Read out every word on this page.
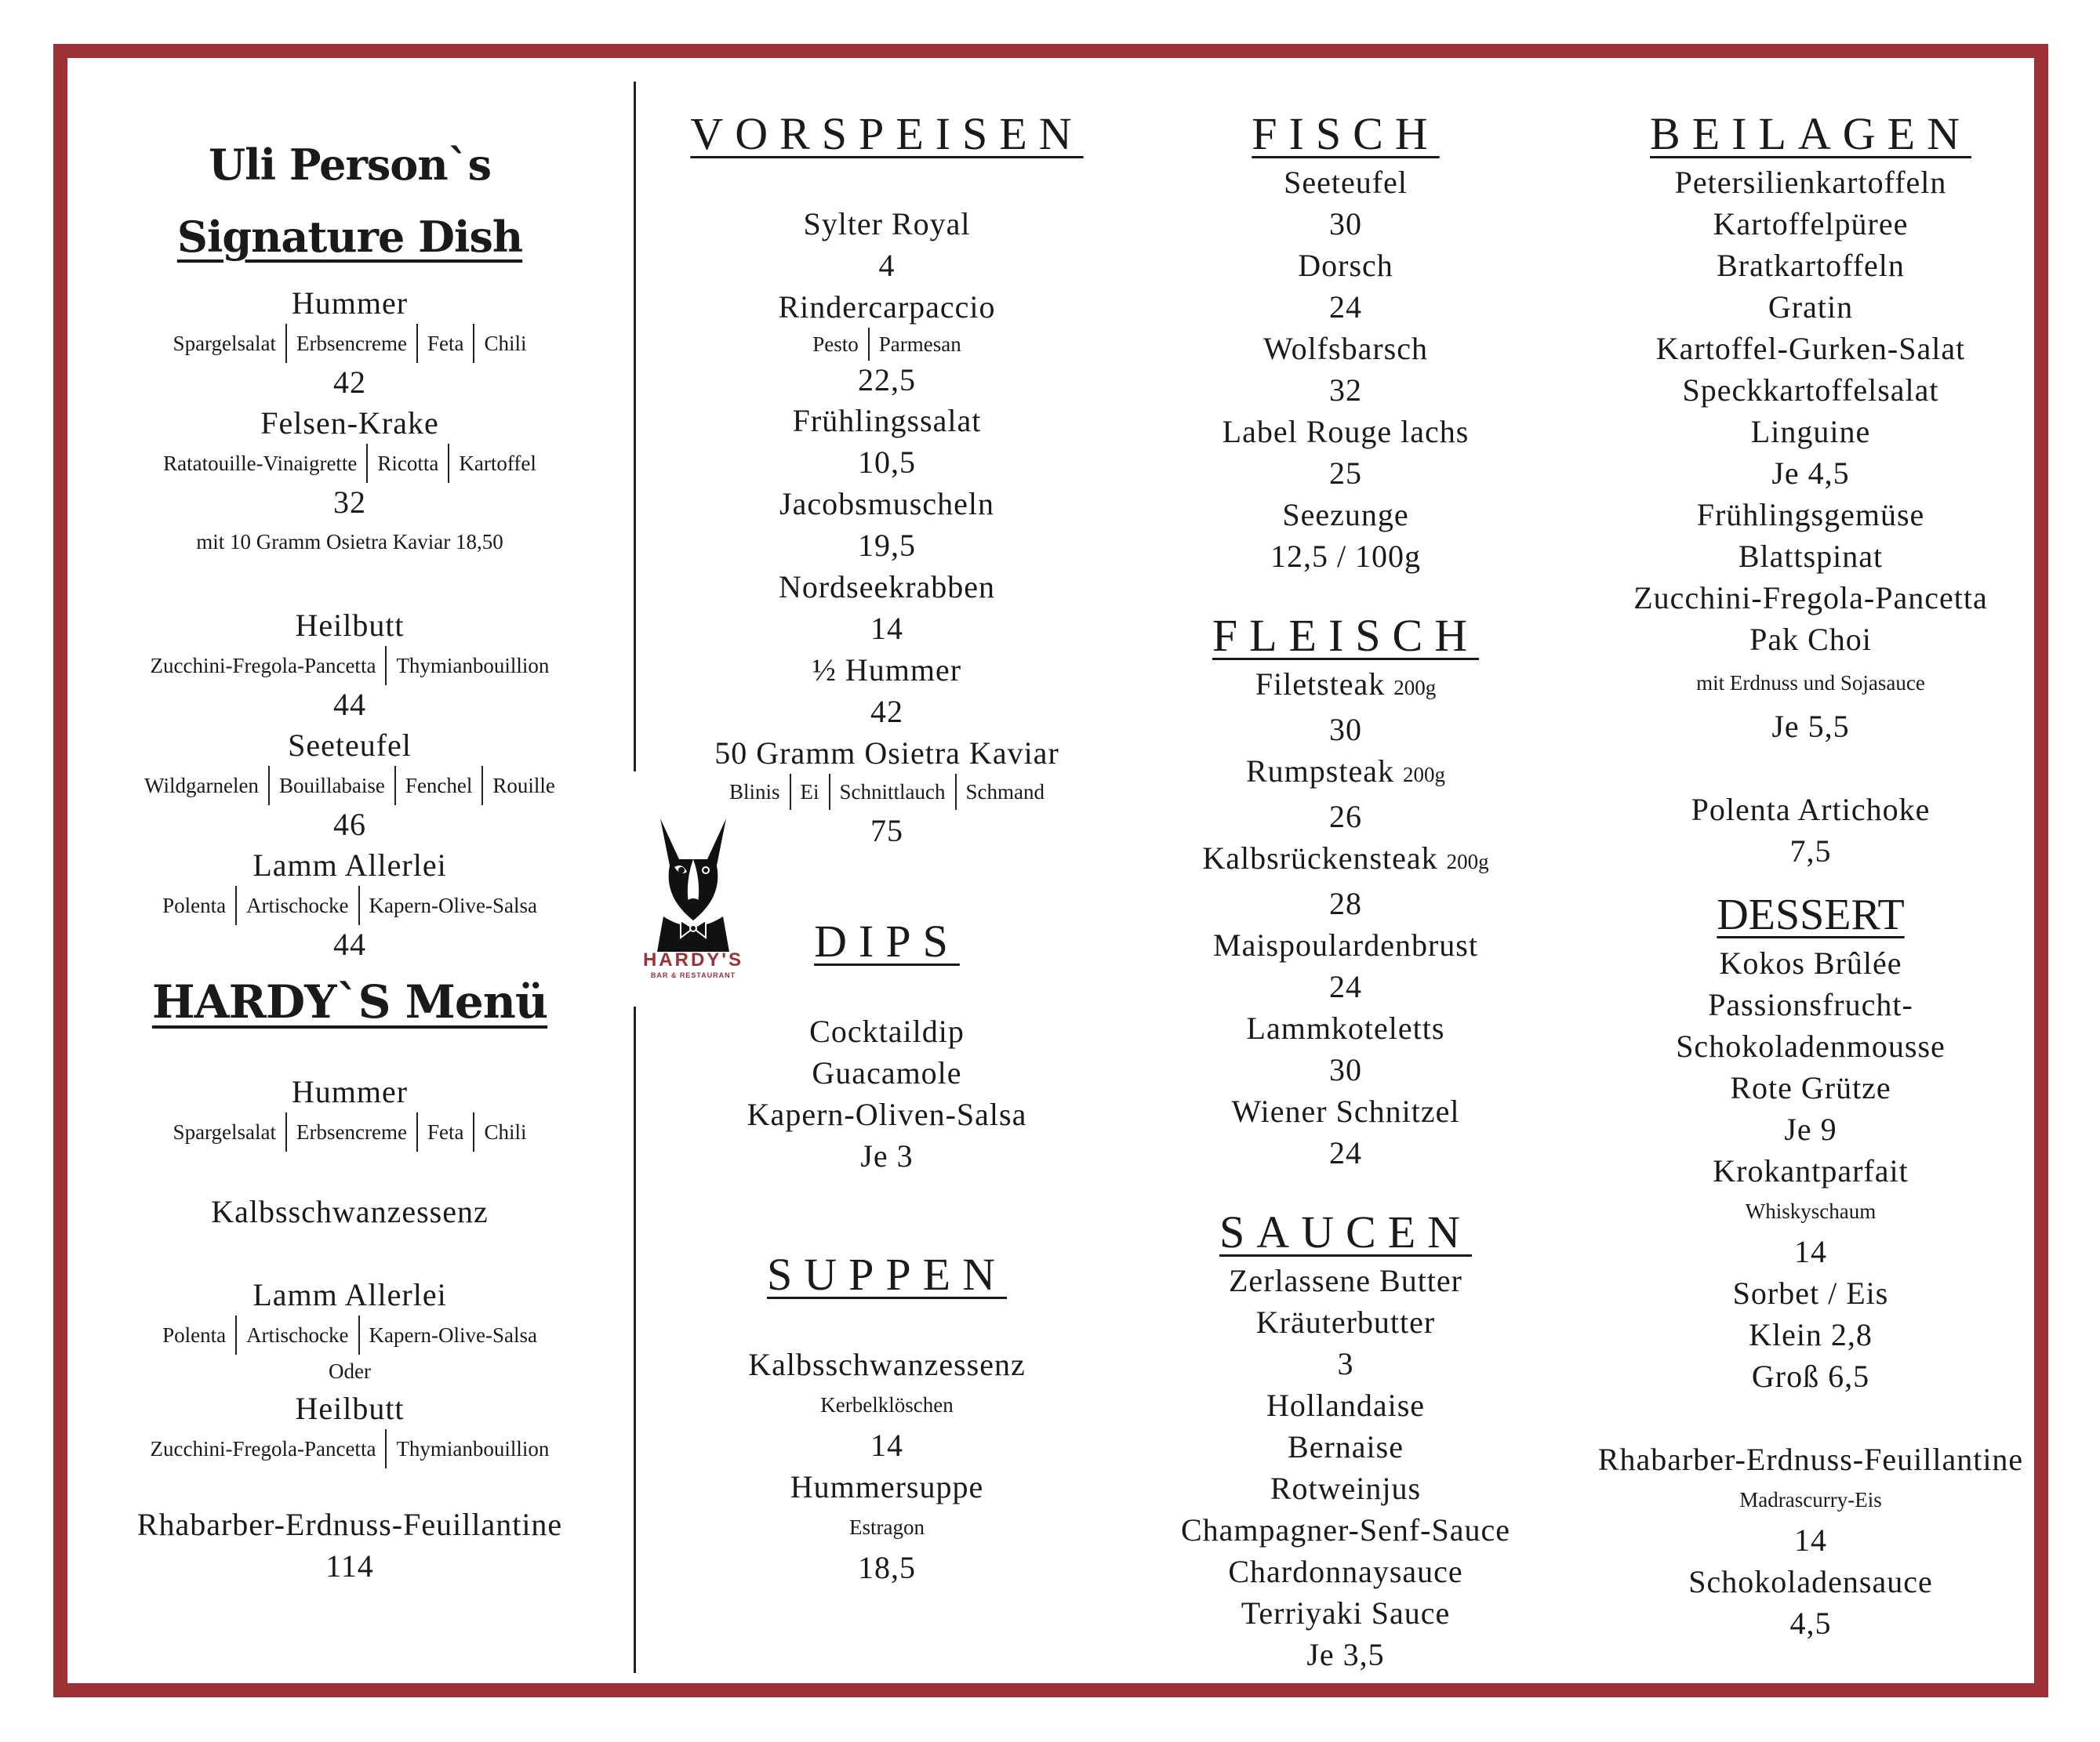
Uli Person`s
Signature Dish
Hummer
Spargelsalat Erbsencreme Feta Chili
42
Felsen-Krake
Ratatouille-Vinaigrette Ricotta Kartoffel
32
mit 10 Gramm Osietra Kaviar 18,50
Heilbutt
Zucchini-Fregola-Pancetta Thymianbouillion
44
Seeteufel
Wildgarnelen Bouillabaise Fenchel Rouille
46
Lamm Allerlei
Polenta Artischocke Kapern-Olive-Salsa
44
HARDY`S Menü
Hummer
Spargelsalat Erbsencreme Feta Chili
Kalbsschwanzessenz
Lamm Allerlei
Polenta Artischocke Kapern-Olive-Salsa
Oder
Heilbutt
Zucchini-Fregola-Pancetta Thymianbouillion
Rhabarber-Erdnuss-Feuillantine
114
HARDY'S
BAR & RESTAURANT
VORSPEISEN
Sylter Royal
4
Rindercarpaccio
Pesto Parmesan
22,5
Frühlingssalat
10,5
Jacobsmuscheln
19,5
Nordseekrabben
14
½ Hummer
42
50 Gramm Osietra Kaviar
Blinis Ei Schnittlauch Schmand
75
DIPS
Cocktaildip
Guacamole
Kapern-Oliven-Salsa
Je 3
SUPPEN
Kalbsschwanzessenz
Kerbelklöschen
14
Hummersuppe
Estragon
18,5
FISCH
Seeteufel
30
Dorsch
24
Wolfsbarsch
32
Label Rouge lachs
25
Seezunge
12,5 / 100g
FLEISCH
Filetsteak 200g
30
Rumpsteak 200g
26
Kalbsrückensteak 200g
28
Maispoulardenbrust
24
Lammkoteletts
30
Wiener Schnitzel
24
SAUCEN
Zerlassene Butter
Kräuterbutter
3
Hollandaise
Bernaise
Rotweinjus
Champagner-Senf-Sauce
Chardonnaysauce
Terriyaki Sauce
Je 3,5
BEILAGEN
Petersilienkartoffeln
Kartoffelpüree
Bratkartoffeln
Gratin
Kartoffel-Gurken-Salat
Speckkartoffelsalat
Linguine
Je 4,5
Frühlingsgemüse
Blattspinat
Zucchini-Fregola-Pancetta
Pak Choi
mit Erdnuss und Sojasauce
Je 5,5
Polenta Artichoke
7,5
DESSERT
Kokos Brûlée
Passionsfrucht-
Schokoladenmousse
Rote Grütze
Je 9
Krokantparfait
Whiskyschaum
14
Sorbet / Eis
Klein 2,8
Groß 6,5
Rhabarber-Erdnuss-Feuillantine
Madrascurry-Eis
14
Schokoladensauce
4,5
